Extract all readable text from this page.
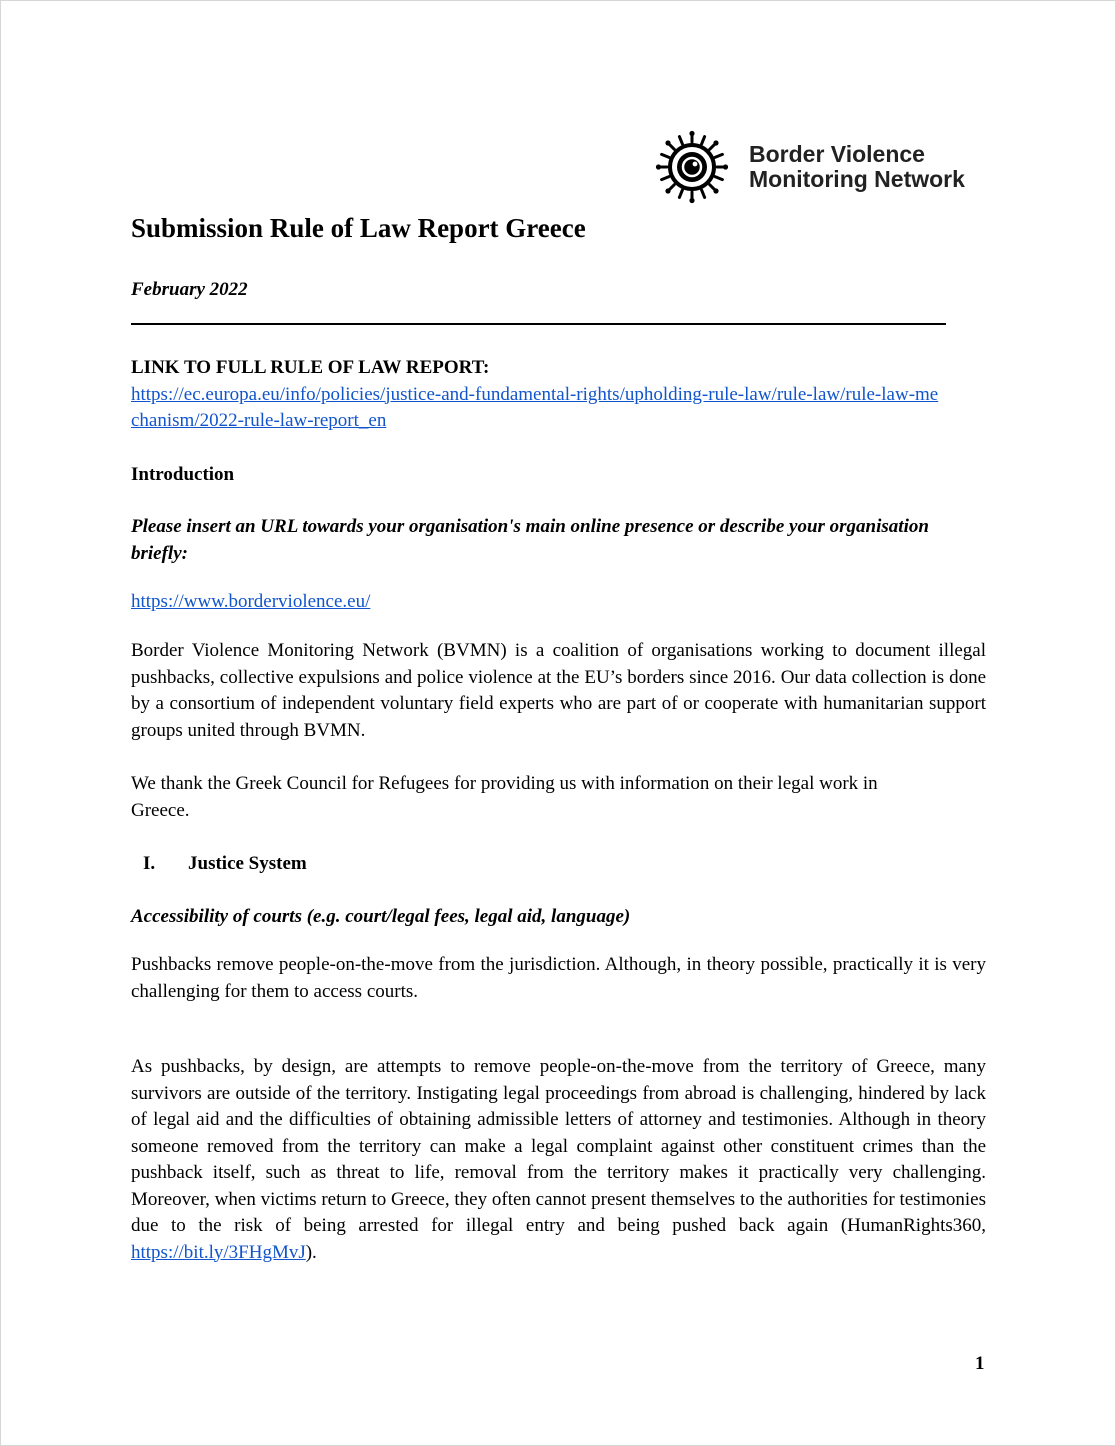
Border Violence
Monitoring Network
Submission Rule of Law Report Greece
February 2022
LINK TO FULL RULE OF LAW REPORT:
https://ec.europa.eu/info/policies/justice-and-fundamental-rights/upholding-rule-law/rule-law/rule-law-me
chanism/2022-rule-law-report_en
Introduction
Please insert an URL towards your organisation's main online presence or describe your organisation briefly:
https://www.borderviolence.eu/
Border Violence Monitoring Network (BVMN) is a coalition of organisations working to document illegal pushbacks, collective expulsions and police violence at the EU’s borders since 2016. Our data collection is done by a consortium of independent voluntary field experts who are part of or cooperate with humanitarian support groups united through BVMN.
We thank the Greek Council for Refugees for providing us with information on their legal work in
Greece.
I. Justice System
Accessibility of courts (e.g. court/legal fees, legal aid, language)
Pushbacks remove people-on-the-move from the jurisdiction. Although, in theory possible, practically it is very challenging for them to access courts.
As pushbacks, by design, are attempts to remove people-on-the-move from the territory of Greece, many survivors are outside of the territory. Instigating legal proceedings from abroad is challenging, hindered by lack of legal aid and the difficulties of obtaining admissible letters of attorney and testimonies. Although in theory someone removed from the territory can make a legal complaint against other constituent crimes than the pushback itself, such as threat to life, removal from the territory makes it practically very challenging. Moreover, when victims return to Greece, they often cannot present themselves to the authorities for testimonies due to the risk of being arrested for illegal entry and being pushed back again (HumanRights360, https://bit.ly/3FHgMvJ).
1
